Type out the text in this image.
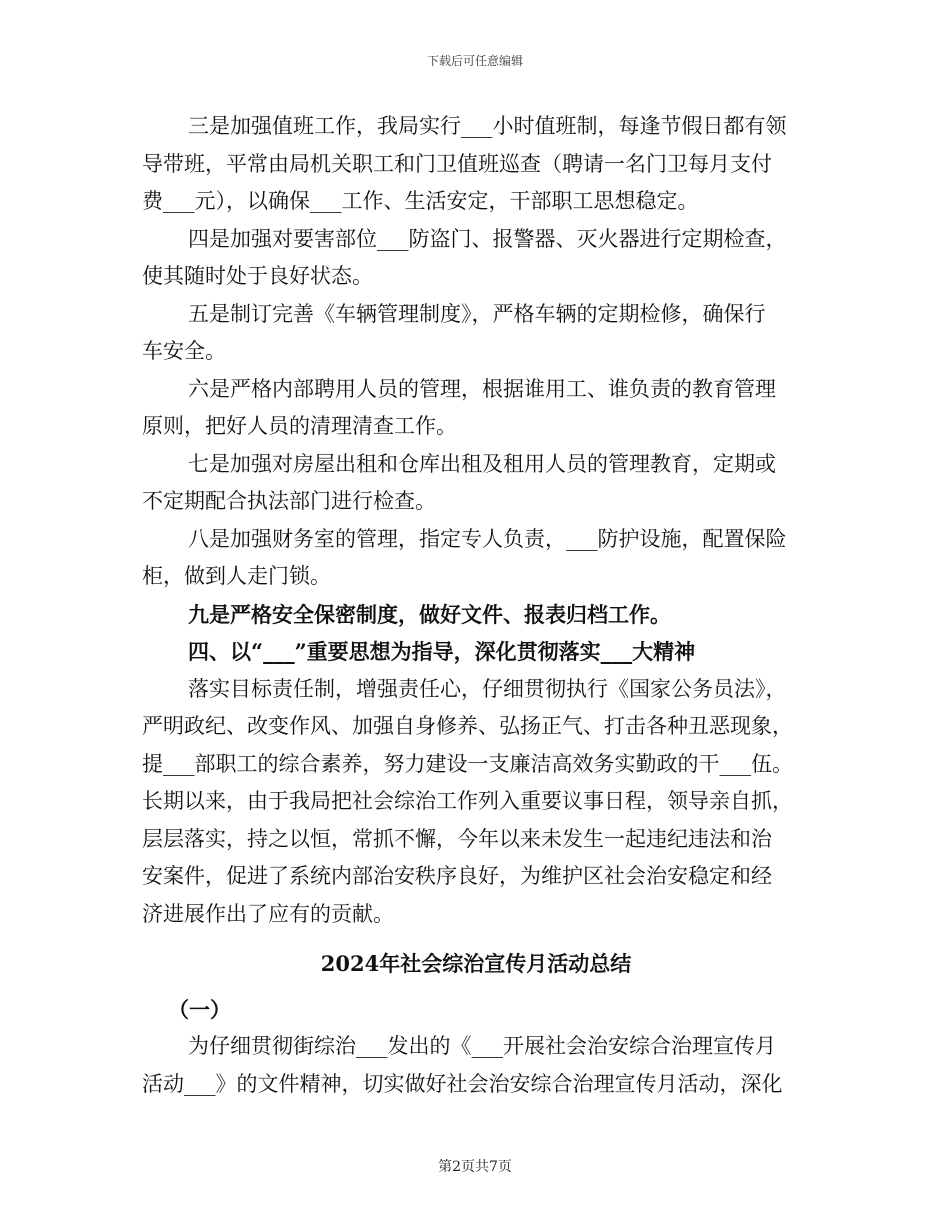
下载后可任意编辑
三是加强值班工作，我局实行___小时值班制，每逢节假日都有领
导带班，平常由局机关职工和门卫值班巡查（聘请一名门卫每月支付
费___元），以确保___工作、生活安定，干部职工思想稳定。
四是加强对要害部位___防盗门、报警器、灭火器进行定期检查，
使其随时处于良好状态。
五是制订完善《车辆管理制度》，严格车辆的定期检修，确保行
车安全。
六是严格内部聘用人员的管理，根据谁用工、谁负责的教育管理
原则，把好人员的清理清查工作。
七是加强对房屋出租和仓库出租及租用人员的管理教育，定期或
不定期配合执法部门进行检查。
八是加强财务室的管理，指定专人负责，___防护设施，配置保险
柜，做到人走门锁。
九是严格安全保密制度，做好文件、报表归档工作。
四、以“___”重要思想为指导，深化贯彻落实___大精神
落实目标责任制，增强责任心，仔细贯彻执行《国家公务员法》，
严明政纪、改变作风、加强自身修养、弘扬正气、打击各种丑恶现象，
提___部职工的综合素养，努力建设一支廉洁高效务实勤政的干___伍。
长期以来，由于我局把社会综治工作列入重要议事日程，领导亲自抓，
层层落实，持之以恒，常抓不懈，今年以来未发生一起违纪违法和治
安案件，促进了系统内部治安秩序良好，为维护区社会治安稳定和经
济进展作出了应有的贡献。
2024年社会综治宣传月活动总结
（一）
为仔细贯彻街综治___发出的《___开展社会治安综合治理宣传月
活动___》的文件精神，切实做好社会治安综合治理宣传月活动，深化
第2页共7页
